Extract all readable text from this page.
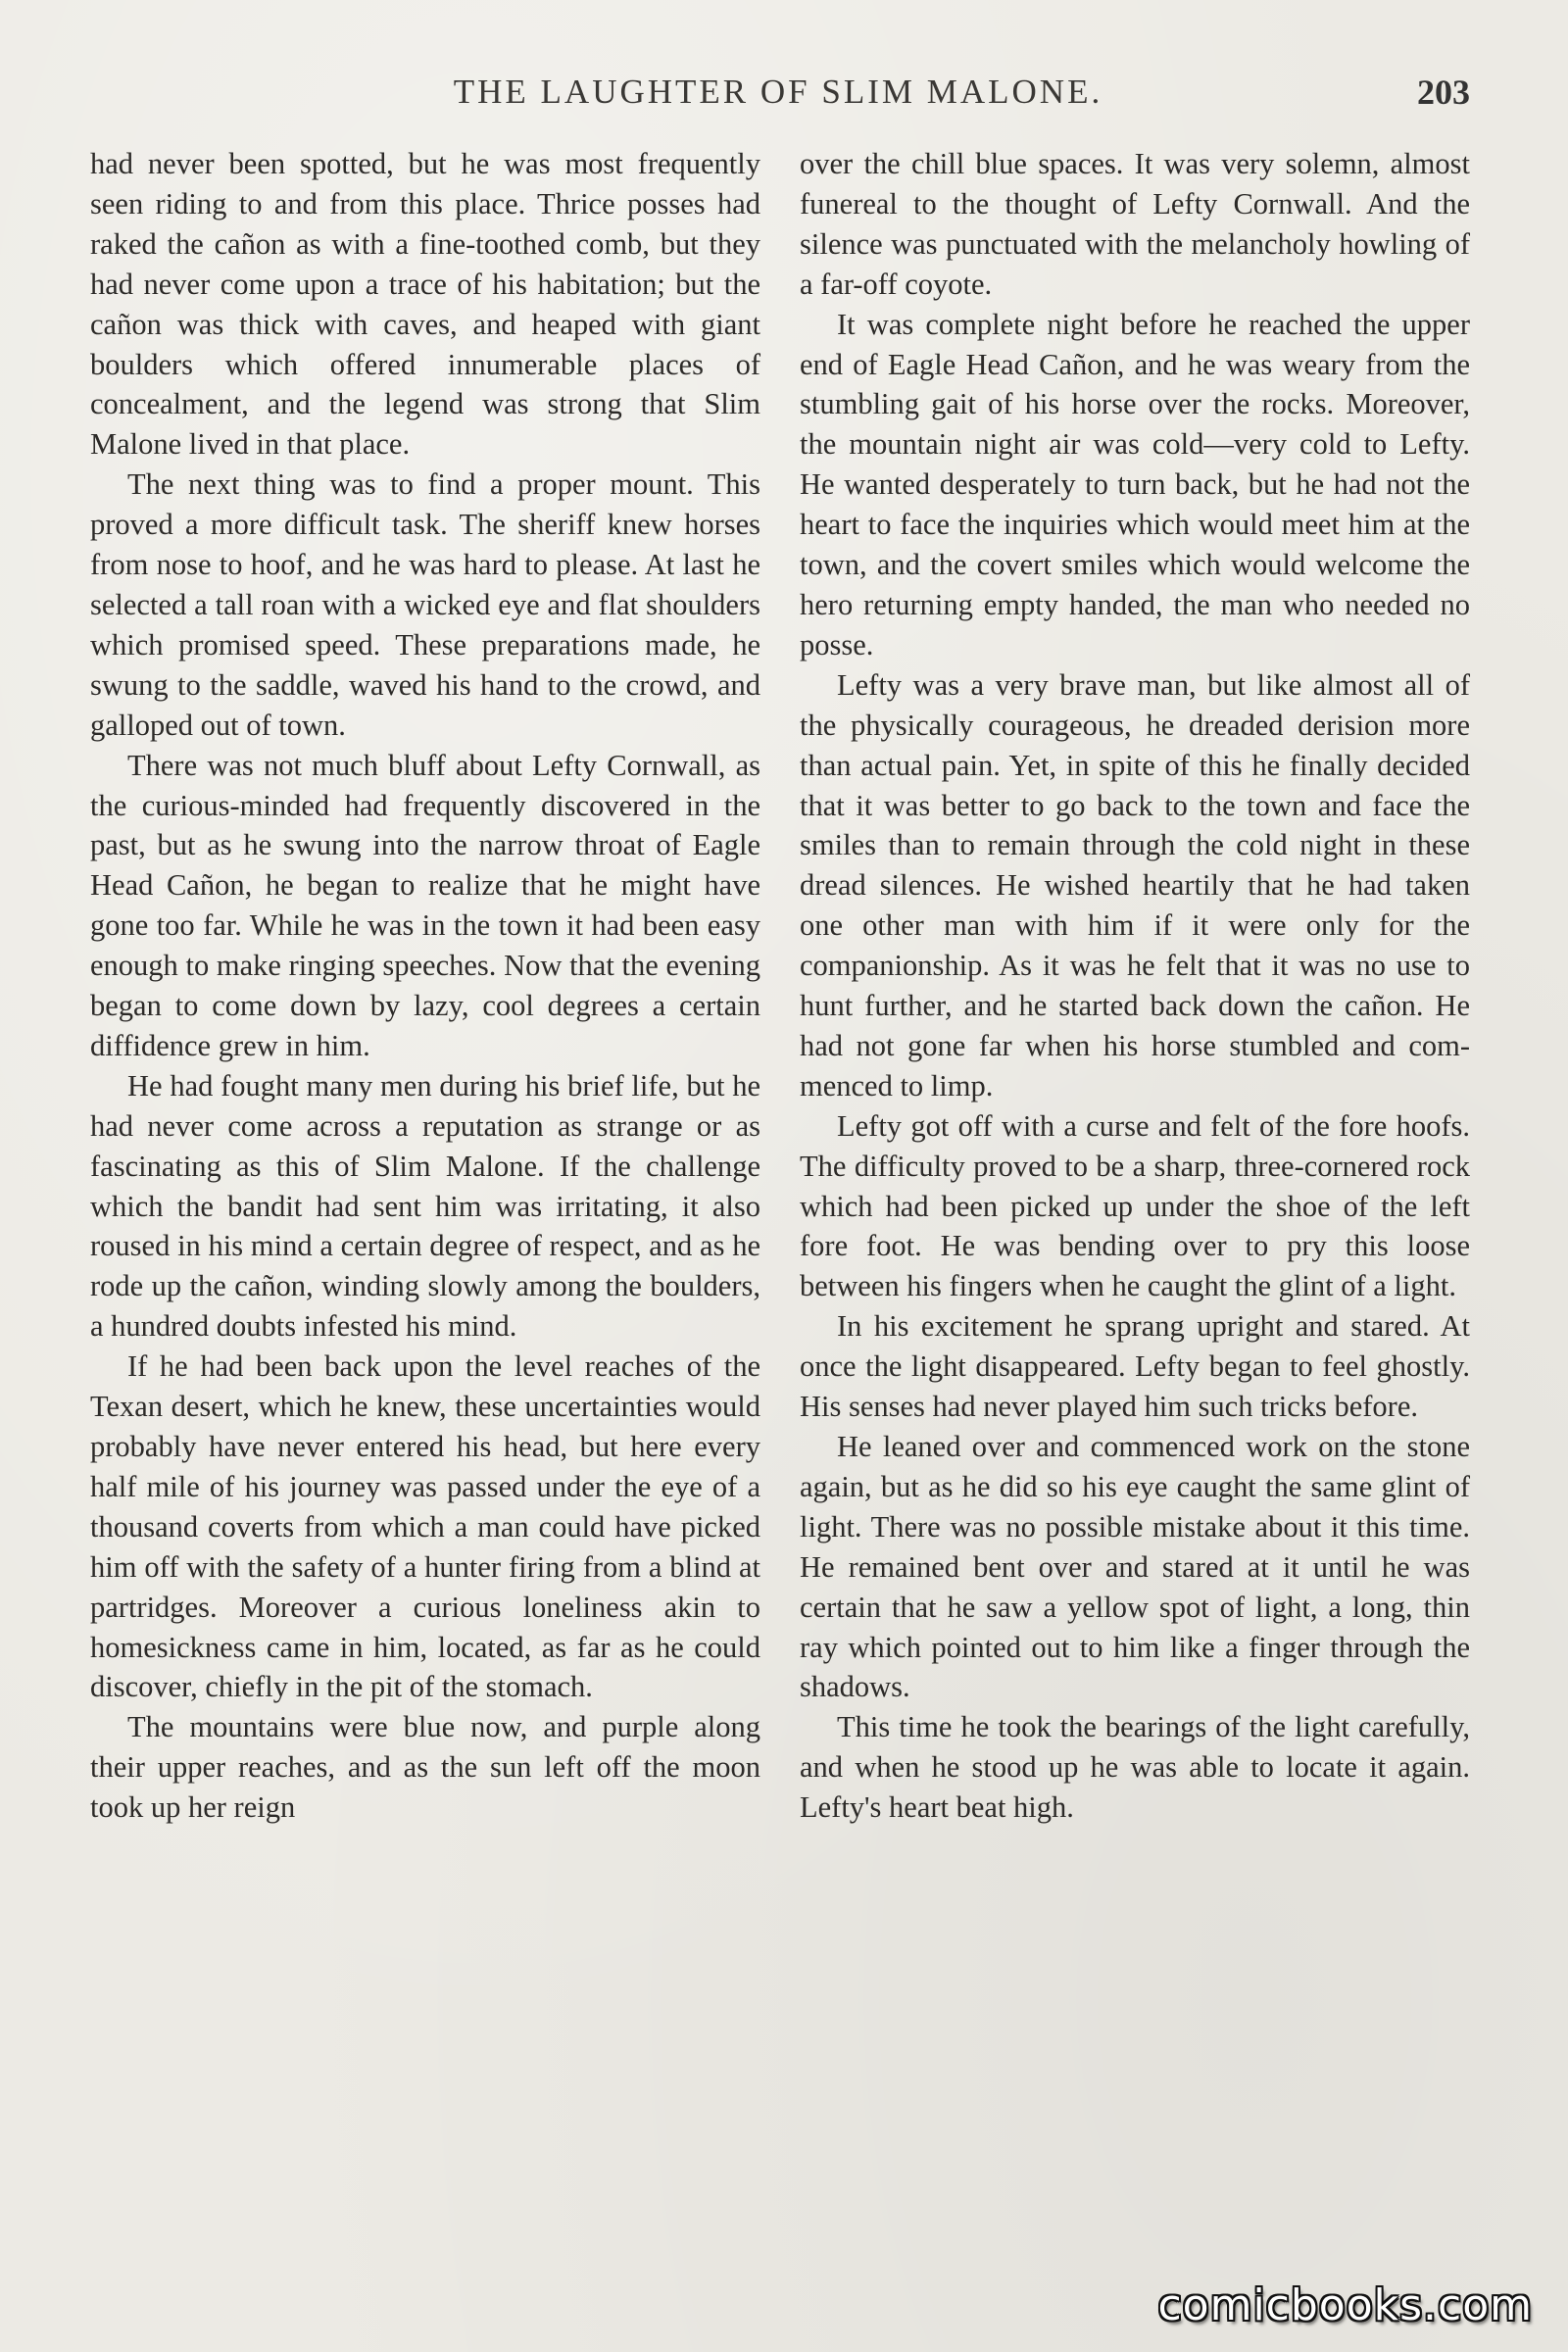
THE LAUGHTER OF SLIM MALONE.	203

had never been spotted, but he was most frequently seen riding to and from this place. Thrice posses had raked the cañon as with a fine-toothed comb, but they had never come upon a trace of his habitation; but the cañon was thick with caves, and heaped with giant boulders which offered innumerable places of concealment, and the legend was strong that Slim Malone lived in that place.

The next thing was to find a proper mount. This proved a more difficult task. The sheriff knew horses from nose to hoof, and he was hard to please. At last he selected a tall roan with a wicked eye and flat shoulders which promised speed. These preparations made, he swung to the saddle, waved his hand to the crowd, and galloped out of town.

There was not much bluff about Lefty Cornwall, as the curious-minded had frequently discovered in the past, but as he swung into the narrow throat of Eagle Head Cañon, he began to realize that he might have gone too far. While he was in the town it had been easy enough to make ringing speeches. Now that the evening began to come down by lazy, cool degrees a certain diffidence grew in him.

He had fought many men during his brief life, but he had never come across a reputation as strange or as fascinating as this of Slim Malone. If the challenge which the bandit had sent him was irritating, it also roused in his mind a certain degree of respect, and as he rode up the cañon, winding slowly among the boulders, a hundred doubts infested his mind.

If he had been back upon the level reaches of the Texan desert, which he knew, these uncertainties would probably have never entered his head, but here every half mile of his journey was passed under the eye of a thousand coverts from which a man could have picked him off with the safety of a hunter firing from a blind at partridges. Moreover a curious loneliness akin to homesickness came in him, located, as far as he could discover, chiefly in the pit of the stomach.

The mountains were blue now, and purple along their upper reaches, and as the sun left off the moon took up her reign

over the chill blue spaces. It was very solemn, almost funereal to the thought of Lefty Cornwall. And the silence was punctuated with the melancholy howling of a far-off coyote.

It was complete night before he reached the upper end of Eagle Head Cañon, and he was weary from the stumbling gait of his horse over the rocks. Moreover, the mountain night air was cold—very cold to Lefty. He wanted desperately to turn back, but he had not the heart to face the inquiries which would meet him at the town, and the covert smiles which would welcome the hero returning empty handed, the man who needed no posse.

Lefty was a very brave man, but like almost all of the physically courageous, he dreaded derision more than actual pain. Yet, in spite of this he finally decided that it was better to go back to the town and face the smiles than to remain through the cold night in these dread silences. He wished heartily that he had taken one other man with him if it were only for the companionship. As it was he felt that it was no use to hunt further, and he started back down the cañon. He had not gone far when his horse stumbled and commenced to limp.

Lefty got off with a curse and felt of the fore hoofs. The difficulty proved to be a sharp, three-cornered rock which had been picked up under the shoe of the left fore foot. He was bending over to pry this loose between his fingers when he caught the glint of a light.

In his excitement he sprang upright and stared. At once the light disappeared. Lefty began to feel ghostly. His senses had never played him such tricks before.

He leaned over and commenced work on the stone again, but as he did so his eye caught the same glint of light. There was no possible mistake about it this time. He remained bent over and stared at it until he was certain that he saw a yellow spot of light, a long, thin ray which pointed out to him like a finger through the shadows.

This time he took the bearings of the light carefully, and when he stood up he was able to locate it again. Lefty's heart beat high.

comicbooks.com
